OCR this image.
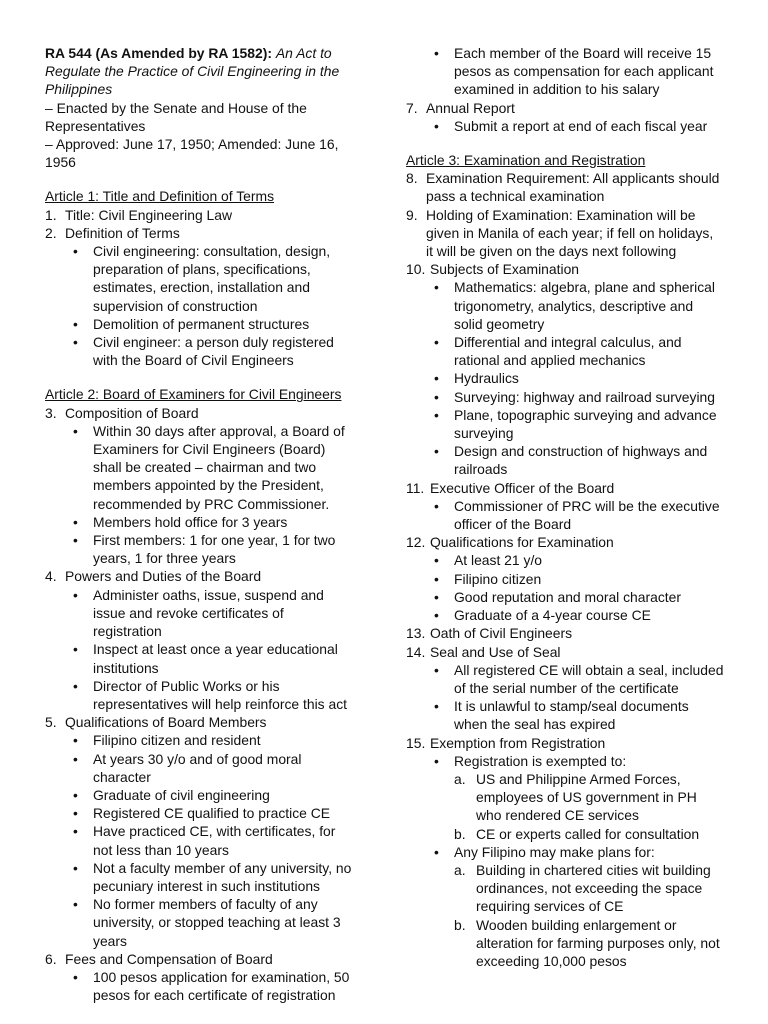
RA 544 (As Amended by RA 1582): An Act to Regulate the Practice of Civil Engineering in the Philippines
– Enacted by the Senate and House of the Representatives
– Approved: June 17, 1950; Amended: June 16, 1956
Article 1: Title and Definition of Terms
1. Title: Civil Engineering Law
2. Definition of Terms
• Civil engineering: consultation, design, preparation of plans, specifications, estimates, erection, installation and supervision of construction
• Demolition of permanent structures
• Civil engineer: a person duly registered with the Board of Civil Engineers
Article 2: Board of Examiners for Civil Engineers
3. Composition of Board
• Within 30 days after approval, a Board of Examiners for Civil Engineers (Board) shall be created – chairman and two members appointed by the President, recommended by PRC Commissioner.
• Members hold office for 3 years
• First members: 1 for one year, 1 for two years, 1 for three years
4. Powers and Duties of the Board
• Administer oaths, issue, suspend and issue and revoke certificates of registration
• Inspect at least once a year educational institutions
• Director of Public Works or his representatives will help reinforce this act
5. Qualifications of Board Members
• Filipino citizen and resident
• At years 30 y/o and of good moral character
• Graduate of civil engineering
• Registered CE qualified to practice CE
• Have practiced CE, with certificates, for not less than 10 years
• Not a faculty member of any university, no pecuniary interest in such institutions
• No former members of faculty of any university, or stopped teaching at least 3 years
6. Fees and Compensation of Board
• 100 pesos application for examination, 50 pesos for each certificate of registration
• Each member of the Board will receive 15 pesos as compensation for each applicant examined in addition to his salary
7. Annual Report
• Submit a report at end of each fiscal year
Article 3: Examination and Registration
8. Examination Requirement: All applicants should pass a technical examination
9. Holding of Examination: Examination will be given in Manila of each year; if fell on holidays, it will be given on the days next following
10. Subjects of Examination
• Mathematics: algebra, plane and spherical trigonometry, analytics, descriptive and solid geometry
• Differential and integral calculus, and rational and applied mechanics
• Hydraulics
• Surveying: highway and railroad surveying
• Plane, topographic surveying and advance surveying
• Design and construction of highways and railroads
11. Executive Officer of the Board
• Commissioner of PRC will be the executive officer of the Board
12. Qualifications for Examination
• At least 21 y/o
• Filipino citizen
• Good reputation and moral character
• Graduate of a 4-year course CE
13. Oath of Civil Engineers
14. Seal and Use of Seal
• All registered CE will obtain a seal, included of the serial number of the certificate
• It is unlawful to stamp/seal documents when the seal has expired
15. Exemption from Registration
• Registration is exempted to:
a. US and Philippine Armed Forces, employees of US government in PH who rendered CE services
b. CE or experts called for consultation
• Any Filipino may make plans for:
a. Building in chartered cities wit building ordinances, not exceeding the space requiring services of CE
b. Wooden building enlargement or alteration for farming purposes only, not exceeding 10,000 pesos
